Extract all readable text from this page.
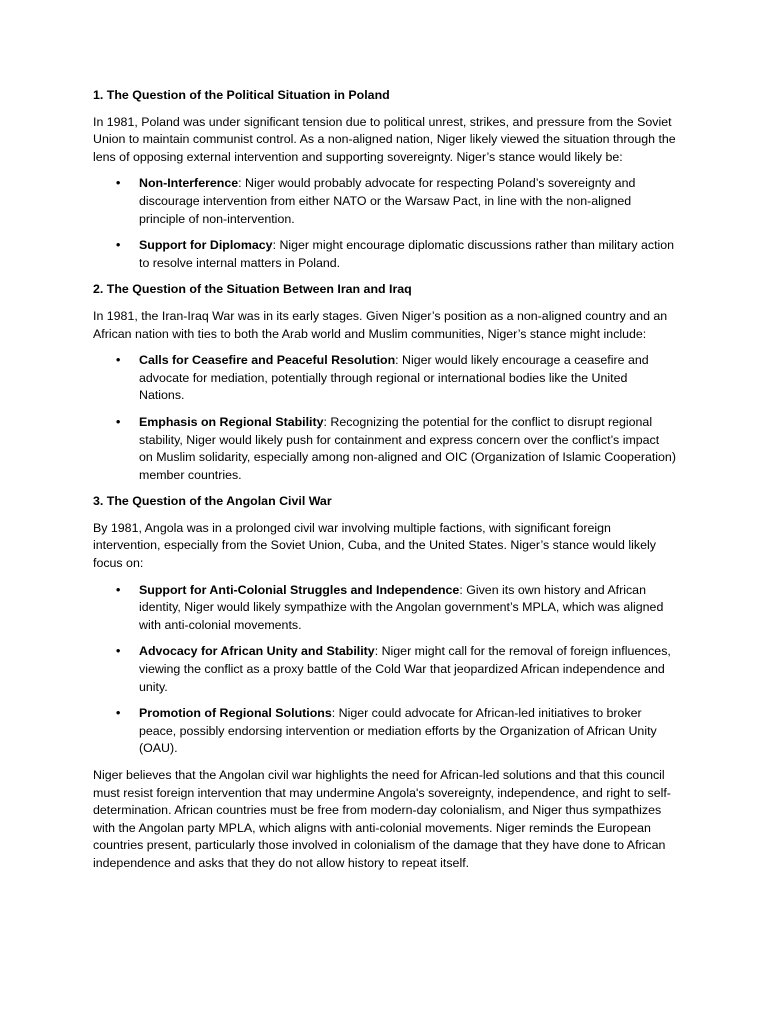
1. The Question of the Political Situation in Poland

In 1981, Poland was under significant tension due to political unrest, strikes, and pressure from the Soviet Union to maintain communist control. As a non-aligned nation, Niger likely viewed the situation through the lens of opposing external intervention and supporting sovereignty. Niger’s stance would likely be:

• Non-Interference: Niger would probably advocate for respecting Poland’s sovereignty and discourage intervention from either NATO or the Warsaw Pact, in line with the non-aligned principle of non-intervention.
• Support for Diplomacy: Niger might encourage diplomatic discussions rather than military action to resolve internal matters in Poland.

2. The Question of the Situation Between Iran and Iraq

In 1981, the Iran-Iraq War was in its early stages. Given Niger’s position as a non-aligned country and an African nation with ties to both the Arab world and Muslim communities, Niger’s stance might include:

• Calls for Ceasefire and Peaceful Resolution: Niger would likely encourage a ceasefire and advocate for mediation, potentially through regional or international bodies like the United Nations.
• Emphasis on Regional Stability: Recognizing the potential for the conflict to disrupt regional stability, Niger would likely push for containment and express concern over the conflict’s impact on Muslim solidarity, especially among non-aligned and OIC (Organization of Islamic Cooperation) member countries.

3. The Question of the Angolan Civil War

By 1981, Angola was in a prolonged civil war involving multiple factions, with significant foreign intervention, especially from the Soviet Union, Cuba, and the United States. Niger’s stance would likely focus on:

• Support for Anti-Colonial Struggles and Independence: Given its own history and African identity, Niger would likely sympathize with the Angolan government’s MPLA, which was aligned with anti-colonial movements.
• Advocacy for African Unity and Stability: Niger might call for the removal of foreign influences, viewing the conflict as a proxy battle of the Cold War that jeopardized African independence and unity.
• Promotion of Regional Solutions: Niger could advocate for African-led initiatives to broker peace, possibly endorsing intervention or mediation efforts by the Organization of African Unity (OAU).

Niger believes that the Angolan civil war highlights the need for African-led solutions and that this council must resist foreign intervention that may undermine Angola's sovereignty, independence, and right to self-determination. African countries must be free from modern-day colonialism, and Niger thus sympathizes with the Angolan party MPLA, which aligns with anti-colonial movements. Niger reminds the European countries present, particularly those involved in colonialism of the damage that they have done to African independence and asks that they do not allow history to repeat itself.
